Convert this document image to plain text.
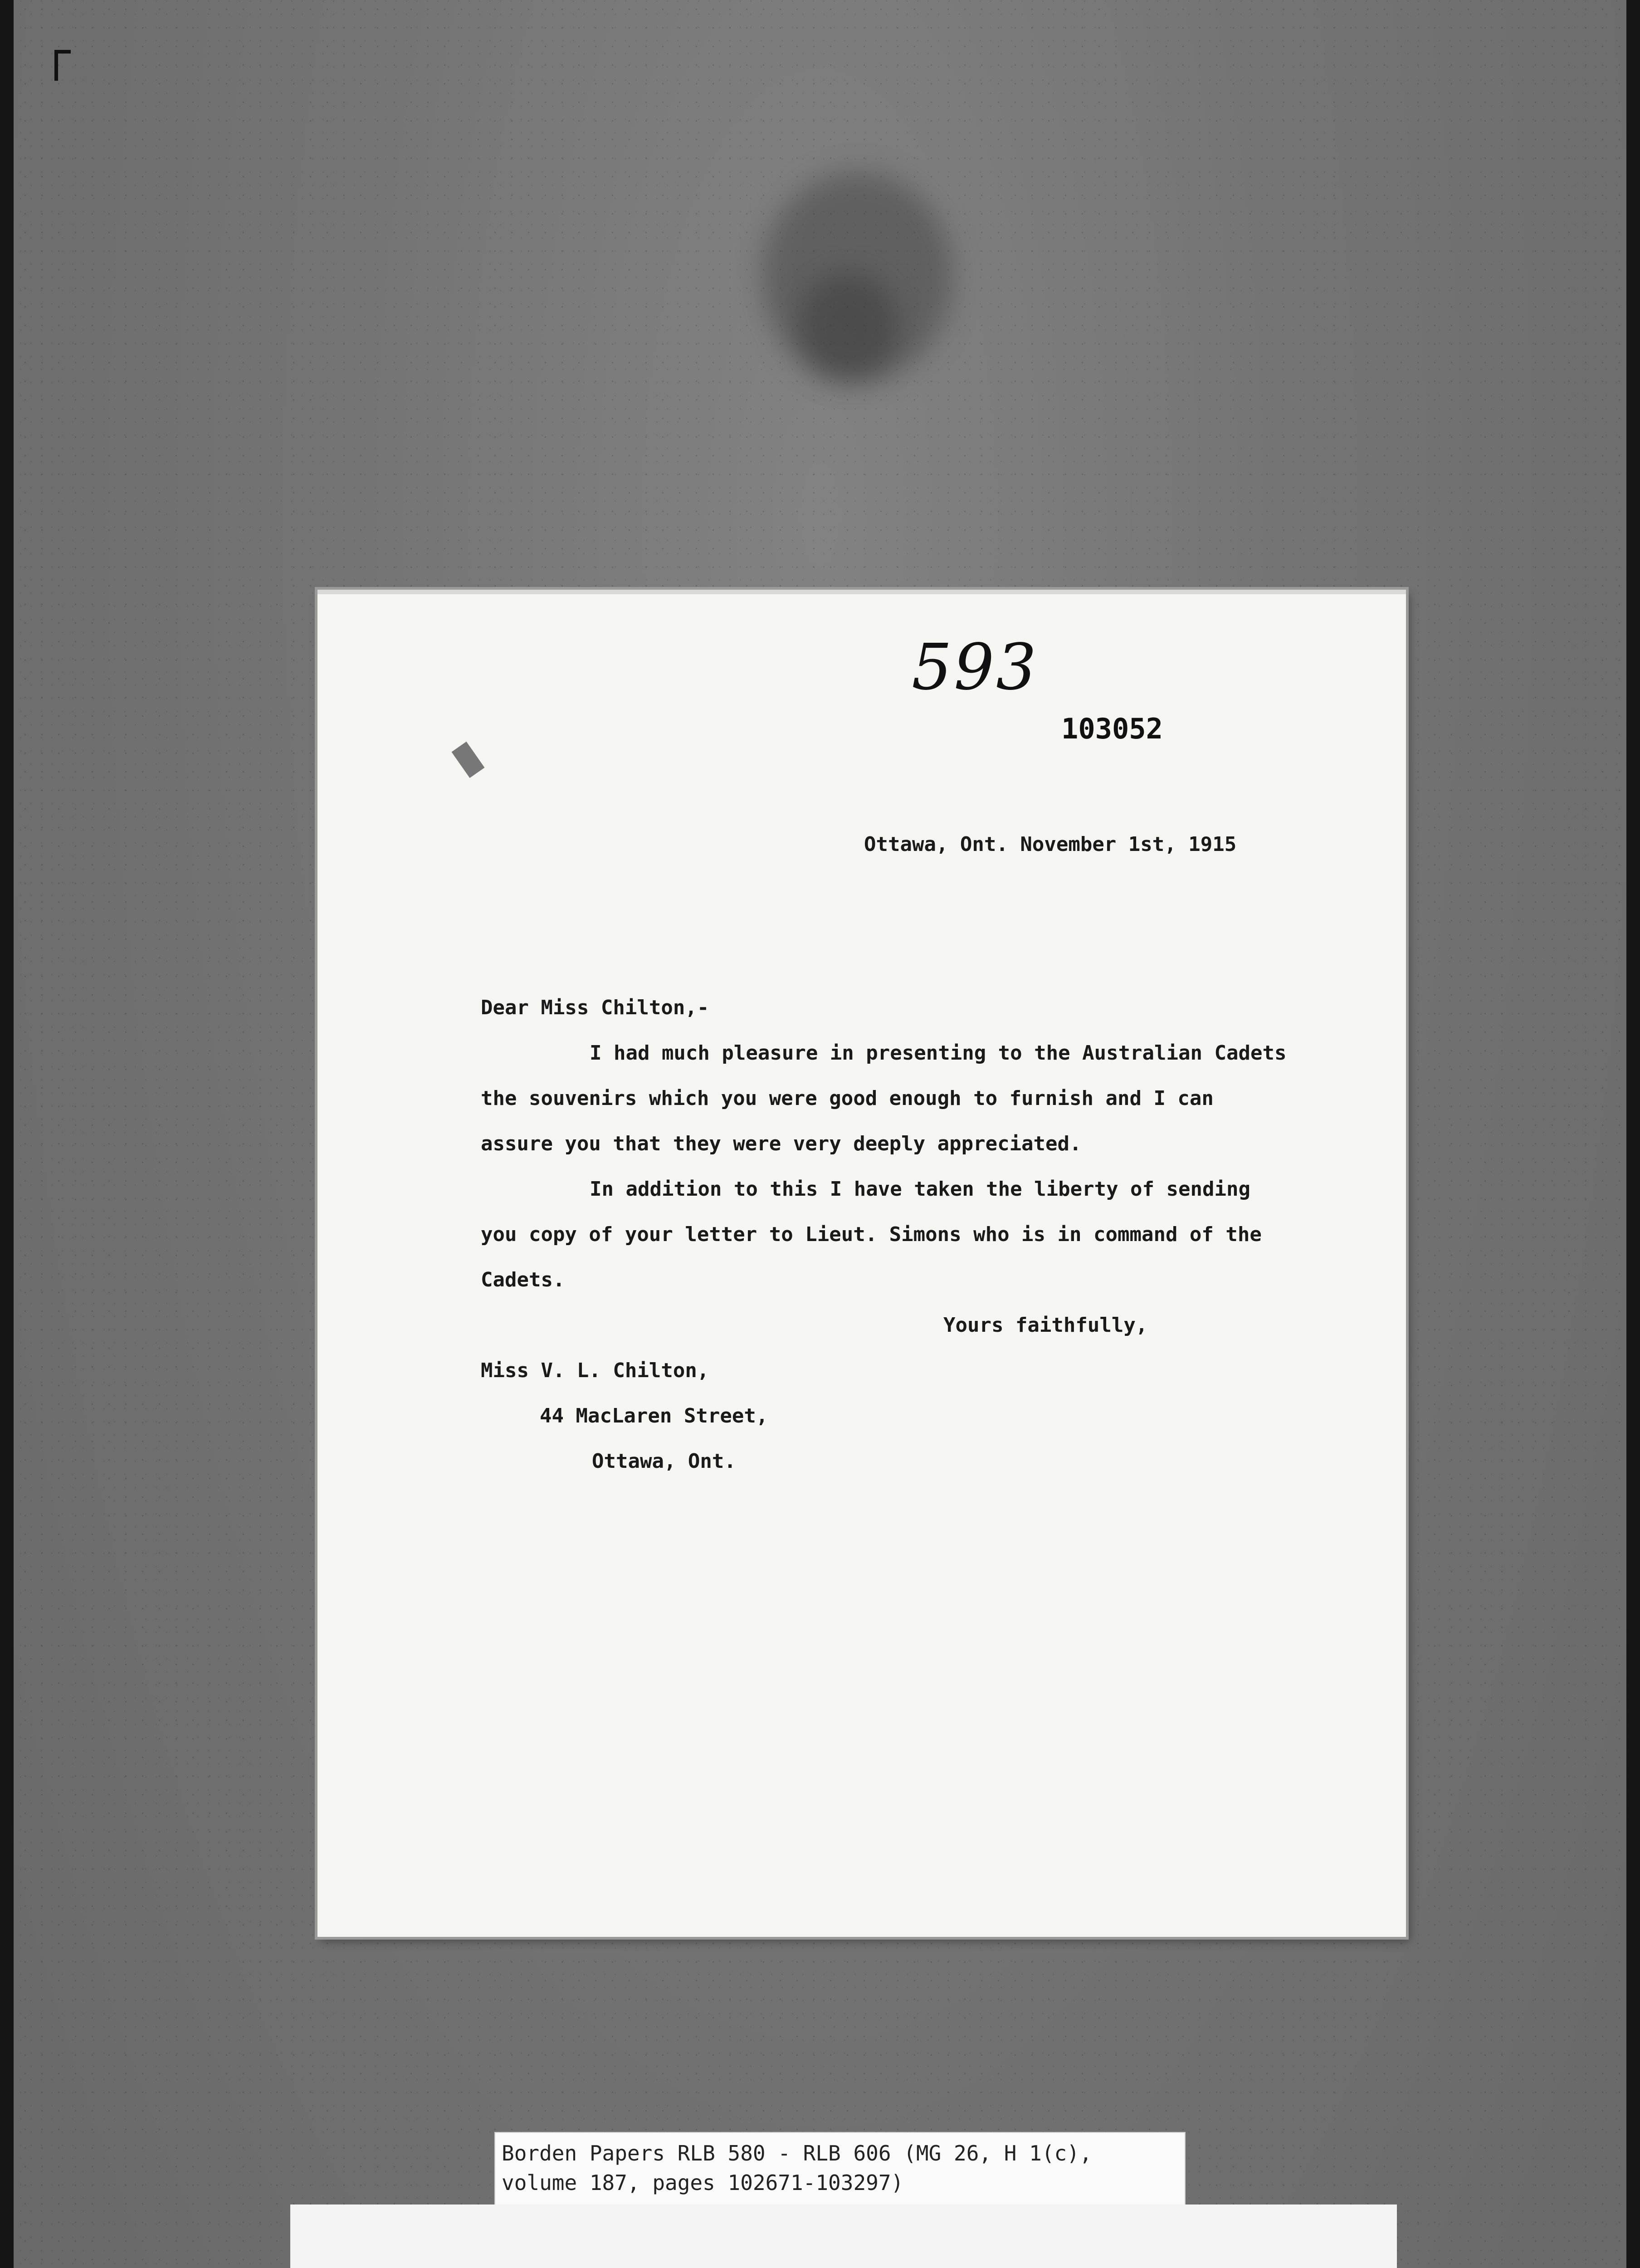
593
103052
Ottawa, Ont. November 1st, 1915
Dear Miss Chilton,-
I had much pleasure in presenting to the Australian Cadets
the souvenirs which you were good enough to furnish and I can
assure you that they were very deeply appreciated.
In addition to this I have taken the liberty of sending
you copy of your letter to Lieut. Simons who is in command of the
Cadets.
Yours faithfully,
Miss V. L. Chilton,
44 MacLaren Street,
Ottawa, Ont.
Borden Papers RLB 580 - RLB 606 (MG 26, H 1(c),
volume 187, pages 102671-103297)
